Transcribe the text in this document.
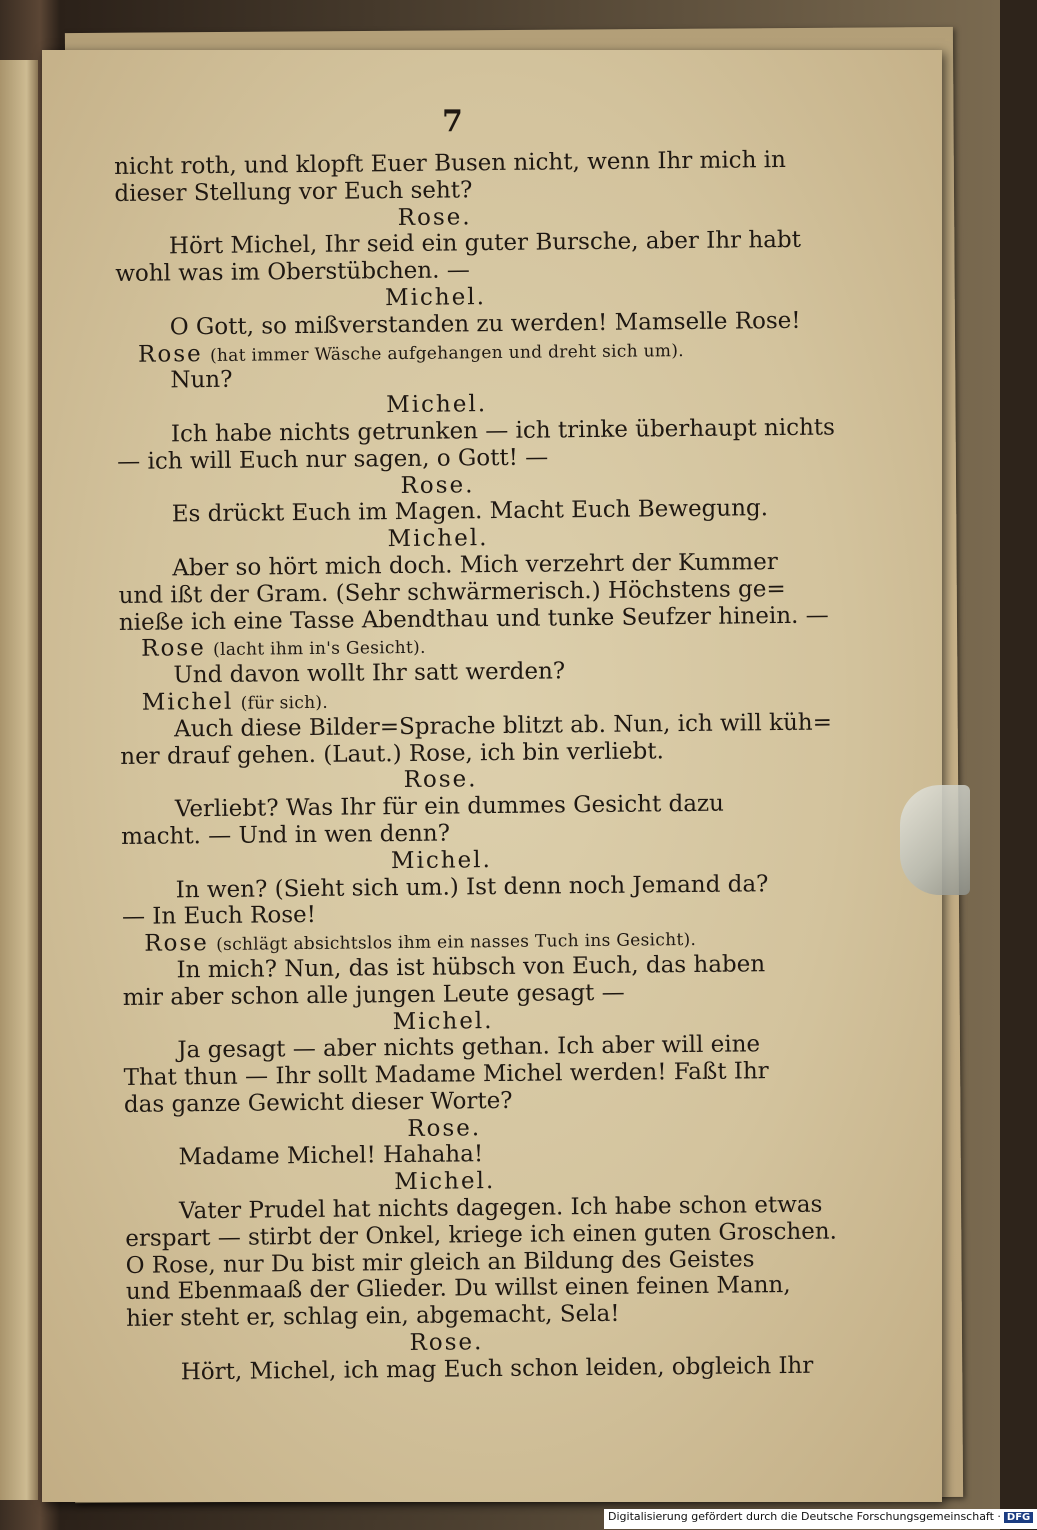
7
nicht roth, und klopft Euer Busen nicht, wenn Ihr mich in
dieser Stellung vor Euch seht?
Rose.
Hört Michel, Ihr seid ein guter Bursche, aber Ihr habt
wohl was im Oberstübchen. —
Michel.
O Gott, so mißverstanden zu werden! Mamselle Rose!
Rose (hat immer Wäsche aufgehangen und dreht sich um).
Nun?
Michel.
Ich habe nichts getrunken — ich trinke überhaupt nichts
— ich will Euch nur sagen, o Gott! —
Rose.
Es drückt Euch im Magen. Macht Euch Bewegung.
Michel.
Aber so hört mich doch. Mich verzehrt der Kummer
und ißt der Gram. (Sehr schwärmerisch.) Höchstens ge=
nieße ich eine Tasse Abendthau und tunke Seufzer hinein. —
Rose (lacht ihm in's Gesicht).
Und davon wollt Ihr satt werden?
Michel (für sich).
Auch diese Bilder=Sprache blitzt ab. Nun, ich will küh=
ner drauf gehen. (Laut.) Rose, ich bin verliebt.
Rose.
Verliebt? Was Ihr für ein dummes Gesicht dazu
macht. — Und in wen denn?
Michel.
In wen? (Sieht sich um.) Ist denn noch Jemand da?
— In Euch Rose!
Rose (schlägt absichtslos ihm ein nasses Tuch ins Gesicht).
In mich? Nun, das ist hübsch von Euch, das haben
mir aber schon alle jungen Leute gesagt —
Michel.
Ja gesagt — aber nichts gethan. Ich aber will eine
That thun — Ihr sollt Madame Michel werden! Faßt Ihr
das ganze Gewicht dieser Worte?
Rose.
Madame Michel! Hahaha!
Michel.
Vater Prudel hat nichts dagegen. Ich habe schon etwas
erspart — stirbt der Onkel, kriege ich einen guten Groschen.
O Rose, nur Du bist mir gleich an Bildung des Geistes
und Ebenmaaß der Glieder. Du willst einen feinen Mann,
hier steht er, schlag ein, abgemacht, Sela!
Rose.
Hört, Michel, ich mag Euch schon leiden, obgleich Ihr
Digitalisierung gefördert durch die Deutsche Forschungsgemeinschaft · DFG
